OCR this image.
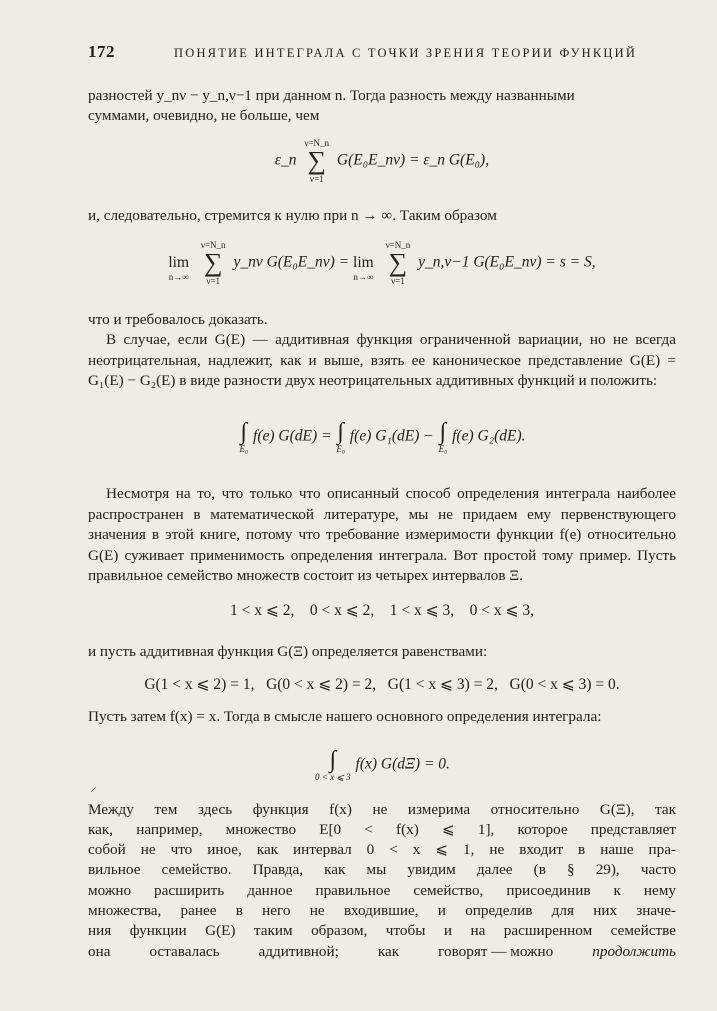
172	ПОНЯТИЕ ИНТЕГРАЛА С ТОЧКИ ЗРЕНИЯ ТЕОРИИ ФУНКЦИЙ
разностей y_nν − y_n,ν−1 при данном n. Тогда разность между названными
суммами, очевидно, не больше, чем
ε_n
ν=N_n
∑
ν=1
G(E₀E_nν) = ε_n G(E₀),
и, следовательно, стремится к нулю при n → ∞. Таким образом
lim
n→∞

ν=N_n
∑
ν=1
y_nν G(E₀E_nν) = lim
n→∞

ν=N_n
∑
ν=1
y_n,ν−1 G(E₀E_nν) = s = S,
что и требовалось доказать.
В случае, если G(E) — аддитивная функция ограниченной вариации, но не всегда неотрицательная, надлежит, как и выше, взять ее каноническое представление G(E) = G₁(E) − G₂(E) в виде разности двух неотрицательных аддитивных функций и положить:
∫
E₀
f(e) G(dE) = ∫
E₀
f(e) G₁(dE) − ∫
E₀
f(e) G₂(dE).
Несмотря на то, что только что описанный способ определения интеграла наиболее распространен в математической литературе, мы не придаем ему первенствующего значения в этой книге, потому что требование измеримости функции f(e) относительно G(E) суживает применимость определения интеграла. Вот простой тому пример. Пусть правильное семейство множеств состоит из четырех интервалов Ξ.
1 < x ⩽ 2,    0 < x ⩽ 2,    1 < x ⩽ 3,    0 < x ⩽ 3,
и пусть аддитивная функция G(Ξ) определяется равенствами:
G(1 < x ⩽ 2) = 1,   G(0 < x ⩽ 2) = 2,   G(1 < x ⩽ 3) = 2,   G(0 < x ⩽ 3) = 0.
Пусть затем f(x) = x. Тогда в смысле нашего основного определения интеграла:
∫
0 < x ⩽ 3
f(x) G(dΞ) = 0.
⸝
Между тем здесь функция f(x) не измерима относительно G(Ξ), так
как, например, множество E[0 < f(x) ⩽ 1], которое представляет
собой не что иное, как интервал 0 < x ⩽ 1, не входит в наше пра-
вильное семейство. Правда, как мы увидим далее (в § 29), часто
можно расширить данное правильное семейство, присоединив к нему
множества, ранее в него не входившие, и определив для них значе-
ния функции G(E) таким образом, чтобы и на расширенном семействе
она	оставалась	аддитивной;	как	говорят — можно	продолжить
